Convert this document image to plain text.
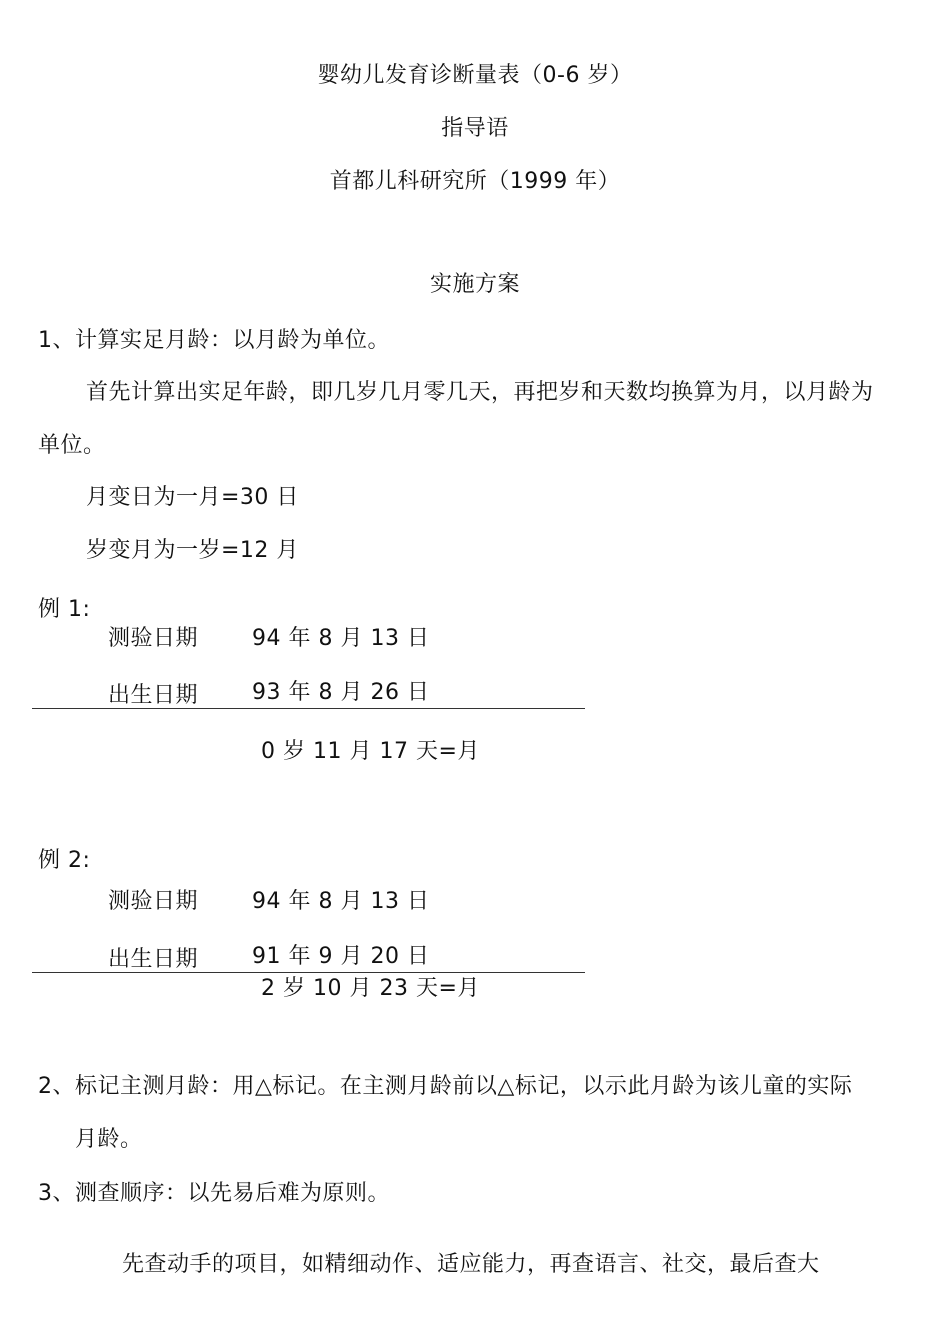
婴幼儿发育诊断量表（0-6 岁）
指导语
首都儿科研究所（1999 年）
实施方案
1、计算实足月龄：以月龄为单位。
首先计算出实足年龄，即几岁几月零几天，再把岁和天数均换算为月，以月龄为
单位。
月变日为一月=30 日
岁变月为一岁=12 月
例 1:
测验日期 94 年 8 月 13 日
出生日期 93 年 8 月 26 日
0 岁 11 月 17 天=月
例 2:
测验日期 94 年 8 月 13 日
出生日期 91 年 9 月 20 日
2 岁 10 月 23 天=月
2、标记主测月龄：用△标记。在主测月龄前以△标记，以示此月龄为该儿童的实际
月龄。
3、测查顺序：以先易后难为原则。
先查动手的项目，如精细动作、适应能力，再查语言、社交，最后查大
